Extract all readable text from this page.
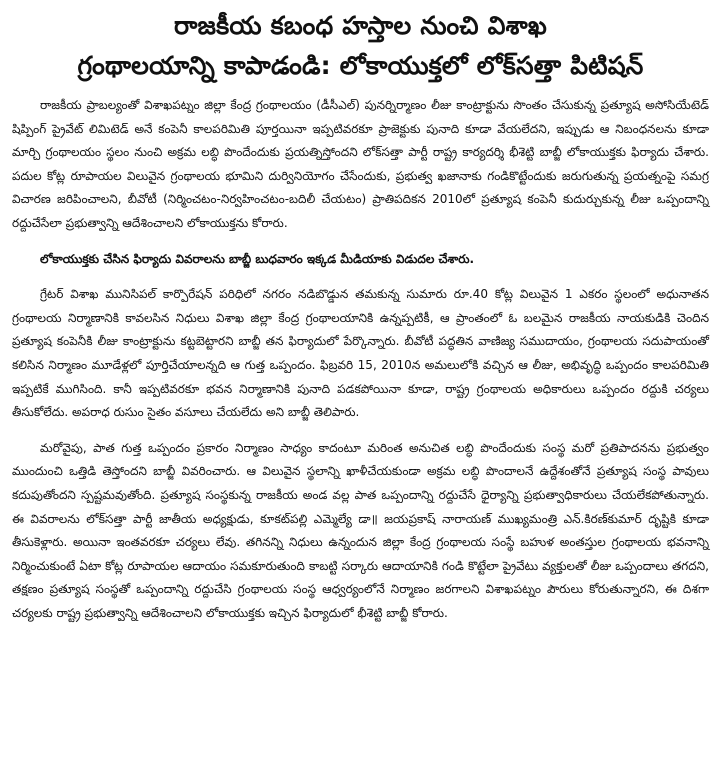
రాజకీయ కబంధ హస్తాల నుంచి విశాఖ
గ్రంథాలయాన్ని కాపాడండి: లోకాయుక్తలో లోక్‌సత్తా పిటిషన్

రాజకీయ ప్రాబల్యంతో విశాఖపట్నం జిల్లా కేంద్ర గ్రంథాలయం (డీసీఎల్) పునర్నిర్మాణం లీజు కాంట్రాక్టును సొంతం చేసుకున్న ప్రత్యూష అసోసియేటెడ్ షిప్పింగ్ ప్రైవేట్ లిమిటెడ్ అనే కంపెనీ కాలపరిమితి పూర్తయినా ఇప్పటివరకూ ప్రాజెక్టుకు పునాది కూడా వేయలేదని, ఇప్పుడు ఆ నిబంధనలను కూడా మార్చి గ్రంథాలయం స్థలం నుంచి అక్రమ లబ్ధి పొందేందుకు ప్రయత్నిస్తోందని లోక్‌సత్తా పార్టీ రాష్ట్ర కార్యదర్శి భీశెట్టి బాబ్జీ లోకాయుక్తకు ఫిర్యాదు చేశారు. పదుల కోట్ల రూపాయల విలువైన గ్రంథాలయ భూమిని దుర్వినియోగం చేసేందుకు, ప్రభుత్వ ఖజానాకు గండికొట్టేందుకు జరుగుతున్న ప్రయత్నంపై సమగ్ర విచారణ జరిపించాలని, బీవోటీ (నిర్మించటం-నిర్వహించటం-బదిలీ చేయటం) ప్రాతిపదికన 2010లో ప్రత్యూష కంపెనీ కుదుర్చుకున్న లీజు ఒప్పందాన్ని రద్దుచేసేలా ప్రభుత్వాన్ని ఆదేశించాలని లోకాయుక్తను కోరారు.

లోకాయుక్తకు చేసిన ఫిర్యాదు వివరాలను బాబ్జీ బుధవారం ఇక్కడ మీడియాకు విడుదల చేశారు.

గ్రేటర్ విశాఖ మునిసిపల్ కార్పొరేషన్ పరిధిలో నగరం నడిబొడ్డున తమకున్న సుమారు రూ.40 కోట్ల విలువైన 1 ఎకరం స్థలంలో అధునాతన గ్రంథాలయ నిర్మాణానికి కావలసిన నిధులు విశాఖ జిల్లా కేంద్ర గ్రంథాలయానికి ఉన్నప్పటికీ, ఆ ప్రాంతంలో ఓ బలమైన రాజకీయ నాయకుడికి చెందిన ప్రత్యూష కంపెనీకి లీజు కాంట్రాక్టును కట్టబెట్టారని బాబ్జీ తన ఫిర్యాదులో పేర్కొన్నారు. బీవోటీ పద్ధతిన వాణిజ్య సముదాయం, గ్రంథాలయ సదుపాయంతో కలిసిన నిర్మాణం మూడేళ్లలో పూర్తిచేయాలన్నది ఆ గుత్త ఒప్పందం. ఫిబ్రవరి 15, 2010న అమలులోకి వచ్చిన ఆ లీజు, అభివృద్ధి ఒప్పందం కాలపరిమితి ఇప్పటికే ముగిసింది. కానీ ఇప్పటివరకూ భవన నిర్మాణానికి పునాది పడకపోయినా కూడా, రాష్ట్ర గ్రంథాలయ అధికారులు ఒప్పందం రద్దుకి చర్యలు తీసుకోలేదు. అపరాధ రుసుం సైతం వసూలు చేయలేదు అని బాబ్జీ తెలిపారు.

మరోవైపు, పాత గుత్త ఒప్పందం ప్రకారం నిర్మాణం సాధ్యం కాదంటూ మరింత అనుచిత లబ్ధి పొందేందుకు సంస్థ మరో ప్రతిపాదనను ప్రభుత్వం ముందుంచి ఒత్తిడి తెస్తోందని బాబ్జీ వివరించారు. ఆ విలువైన స్థలాన్ని ఖాళీచేయకుండా అక్రమ లబ్ధి పొందాలనే ఉద్దేశంతోనే ప్రత్యూష సంస్థ పావులు కదుపుతోందని స్పష్టమవుతోంది. ప్రత్యూష సంస్థకున్న రాజకీయ అండ వల్ల పాత ఒప్పందాన్ని రద్దుచేసే ధైర్యాన్ని ప్రభుత్వాధికారులు చేయలేకపోతున్నారు. ఈ వివరాలను లోక్‌సత్తా పార్టీ జాతీయ అధ్యక్షుడు, కూకట్‌పల్లి ఎమ్మెల్యే డా॥ జయప్రకాష్ నారాయణ్ ముఖ్యమంత్రి ఎన్.కిరణ్‌కుమార్ దృష్టికి కూడా తీసుకెళ్లారు. అయినా ఇంతవరకూ చర్యలు లేవు. తగినన్ని నిధులు ఉన్నందున జిల్లా కేంద్ర గ్రంథాలయ సంస్థే బహుళ అంతస్తుల గ్రంథాలయ భవనాన్ని నిర్మించుకుంటే ఏటా కోట్ల రూపాయల ఆదాయం సమకూరుతుంది కాబట్టి సర్కారు ఆదాయానికి గండి కొట్టేలా ప్రైవేటు వ్యక్తులతో లీజు ఒప్పందాలు తగదని, తక్షణం ప్రత్యూష సంస్థతో ఒప్పందాన్ని రద్దుచేసి గ్రంథాలయ సంస్థ ఆధ్వర్యంలోనే నిర్మాణం జరగాలని విశాఖపట్నం పౌరులు కోరుతున్నారని, ఈ దిశగా చర్యలకు రాష్ట్ర ప్రభుత్వాన్ని ఆదేశించాలని లోకాయుక్తకు ఇచ్చిన ఫిర్యాదులో భీశెట్టి బాబ్జీ కోరారు.
